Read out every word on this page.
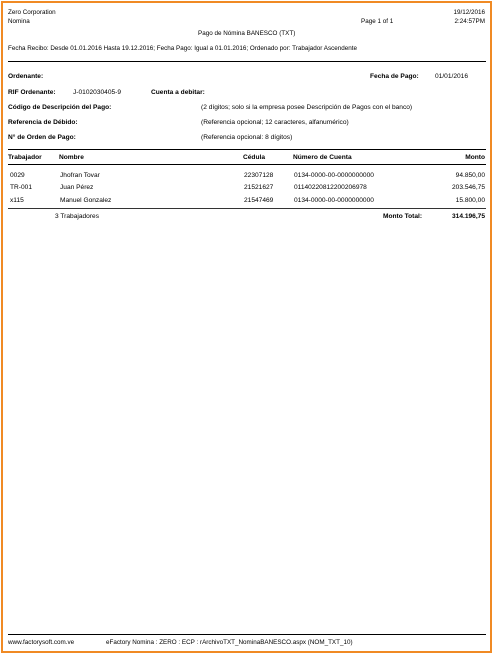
Zero Corporation
Nomina
19/12/2016
2:24:57PM
Pago de Nómina BANESCO (TXT)
Page 1 of 1
Fecha Recibo: Desde 01.01.2016 Hasta 19.12.2016; Fecha Pago: Igual a 01.01.2016; Ordenado por: Trabajador Ascendente
Ordenante:	Fecha de Pago: 01/01/2016
RIF Ordenante:	J-0102030405-9	Cuenta a debitar:
Código de Descripción del Pago:	(2 dígitos; solo si la empresa posee Descripción de Pagos con el banco)
Referencia de Débido:	(Referencia opcional; 12 caracteres, alfanumérico)
N° de Orden de Pago:	(Referencia opcional: 8 dígitos)
Trabajador	Nombre	Cédula	Número de Cuenta	Monto
0029	Jhofran Tovar	22307128	0134-0000-00-0000000000	94.850,00
TR-001	Juan Pérez	21521627	01140220812200206978	203.546,75
x115	Manuel Gonzalez	21547469	0134-0000-00-0000000000	15.800,00
3 Trabajadores	Monto Total:	314.196,75
www.factorysoft.com.ve	eFactory Nomina : ZERO : ECP : rArchivoTXT_NominaBANESCO.aspx (NOM_TXT_10)
